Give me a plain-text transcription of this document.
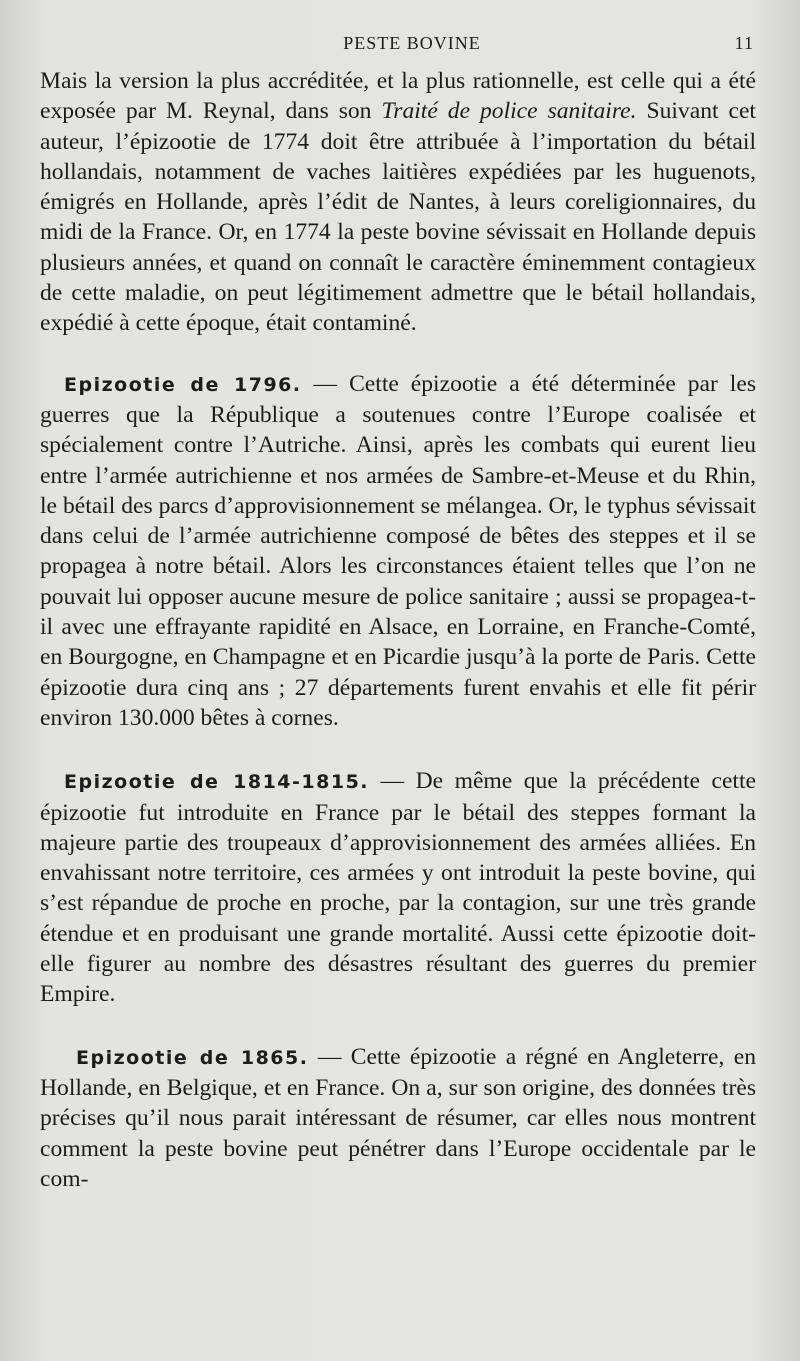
PESTE BOVINE	11

Mais la version la plus accréditée, et la plus rationnelle, est celle qui a été exposée par M. Reynal, dans son Traité de police sanitaire. Suivant cet auteur, l’épizootie de 1774 doit être attribuée à l’importation du bétail hollandais, notamment de vaches laitières expédiées par les huguenots, émigrés en Hollande, après l’édit de Nantes, à leurs coreligionnaires, du midi de la France. Or, en 1774 la peste bovine sévissait en Hollande depuis plusieurs années, et quand on connaît le caractère éminemment contagieux de cette maladie, on peut légitimement admettre que le bétail hollandais, expédié à cette époque, était contaminé.

Epizootie de 1796. — Cette épizootie a été déterminée par les guerres que la République a soutenues contre l’Europe coalisée et spécialement contre l’Autriche. Ainsi, après les combats qui eurent lieu entre l’armée autrichienne et nos armées de Sambre-et-Meuse et du Rhin, le bétail des parcs d’approvisionnement se mélangea. Or, le typhus sévissait dans celui de l’armée autrichienne composé de bêtes des steppes et il se propagea à notre bétail. Alors les circonstances étaient telles que l’on ne pouvait lui opposer aucune mesure de police sanitaire ; aussi se propagea-t-il avec une effrayante rapidité en Alsace, en Lorraine, en Franche-Comté, en Bourgogne, en Champagne et en Picardie jusqu’à la porte de Paris. Cette épizootie dura cinq ans ; 27 départements furent envahis et elle fit périr environ 130.000 bêtes à cornes.

Epizootie de 1814-1815. — De même que la précédente cette épizootie fut introduite en France par le bétail des steppes formant la majeure partie des troupeaux d’approvisionnement des armées alliées. En envahissant notre territoire, ces armées y ont introduit la peste bovine, qui s’est répandue de proche en proche, par la contagion, sur une très grande étendue et en produisant une grande mortalité. Aussi cette épizootie doit-elle figurer au nombre des désastres résultant des guerres du premier Empire.

Epizootie de 1865. — Cette épizootie a régné en Angleterre, en Hollande, en Belgique, et en France. On a, sur son origine, des données très précises qu’il nous parait intéressant de résumer, car elles nous montrent comment la peste bovine peut pénétrer dans l’Europe occidentale par le com-
